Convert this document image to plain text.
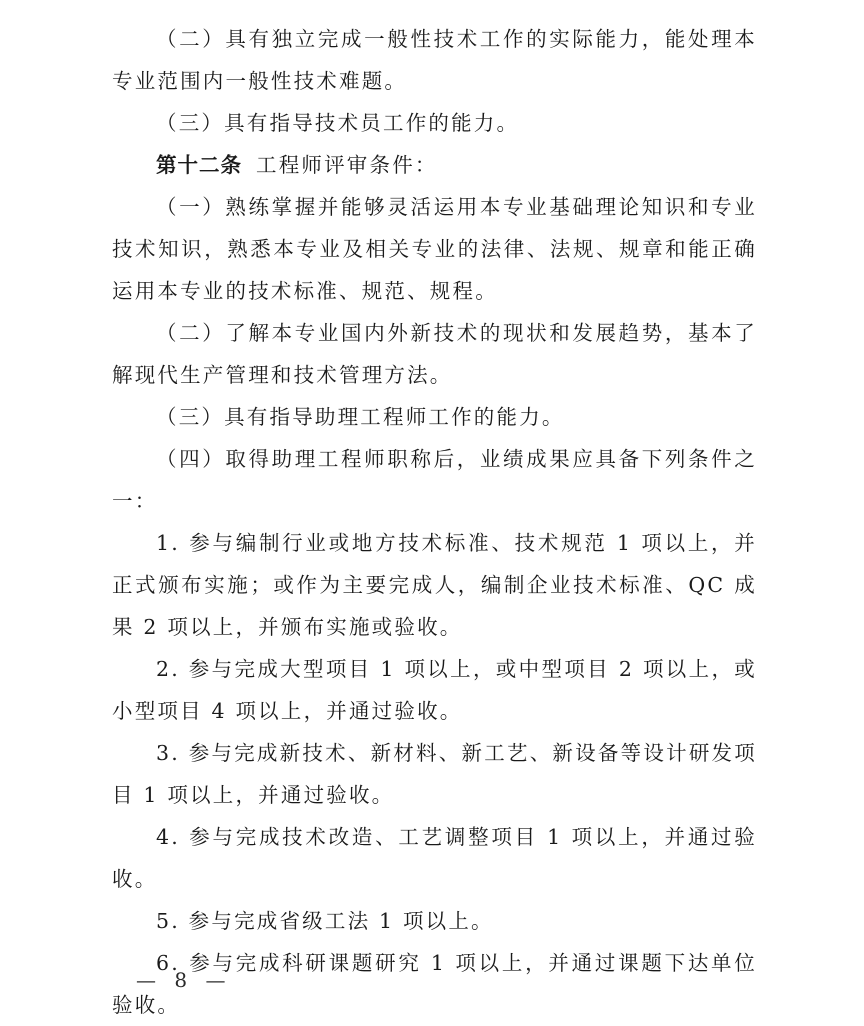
（二）具有独立完成一般性技术工作的实际能力，能处理本专业范围内一般性技术难题。

（三）具有指导技术员工作的能力。

第十二条 工程师评审条件：

（一）熟练掌握并能够灵活运用本专业基础理论知识和专业技术知识，熟悉本专业及相关专业的法律、法规、规章和能正确运用本专业的技术标准、规范、规程。

（二）了解本专业国内外新技术的现状和发展趋势，基本了解现代生产管理和技术管理方法。

（三）具有指导助理工程师工作的能力。

（四）取得助理工程师职称后，业绩成果应具备下列条件之一：

1. 参与编制行业或地方技术标准、技术规范 1 项以上，并正式颁布实施；或作为主要完成人，编制企业技术标准、QC 成果 2 项以上，并颁布实施或验收。

2. 参与完成大型项目 1 项以上，或中型项目 2 项以上，或小型项目 4 项以上，并通过验收。

3. 参与完成新技术、新材料、新工艺、新设备等设计研发项目 1 项以上，并通过验收。

4. 参与完成技术改造、工艺调整项目 1 项以上，并通过验收。

5. 参与完成省级工法 1 项以上。

6. 参与完成科研课题研究 1 项以上，并通过课题下达单位验收。

— 8 —
